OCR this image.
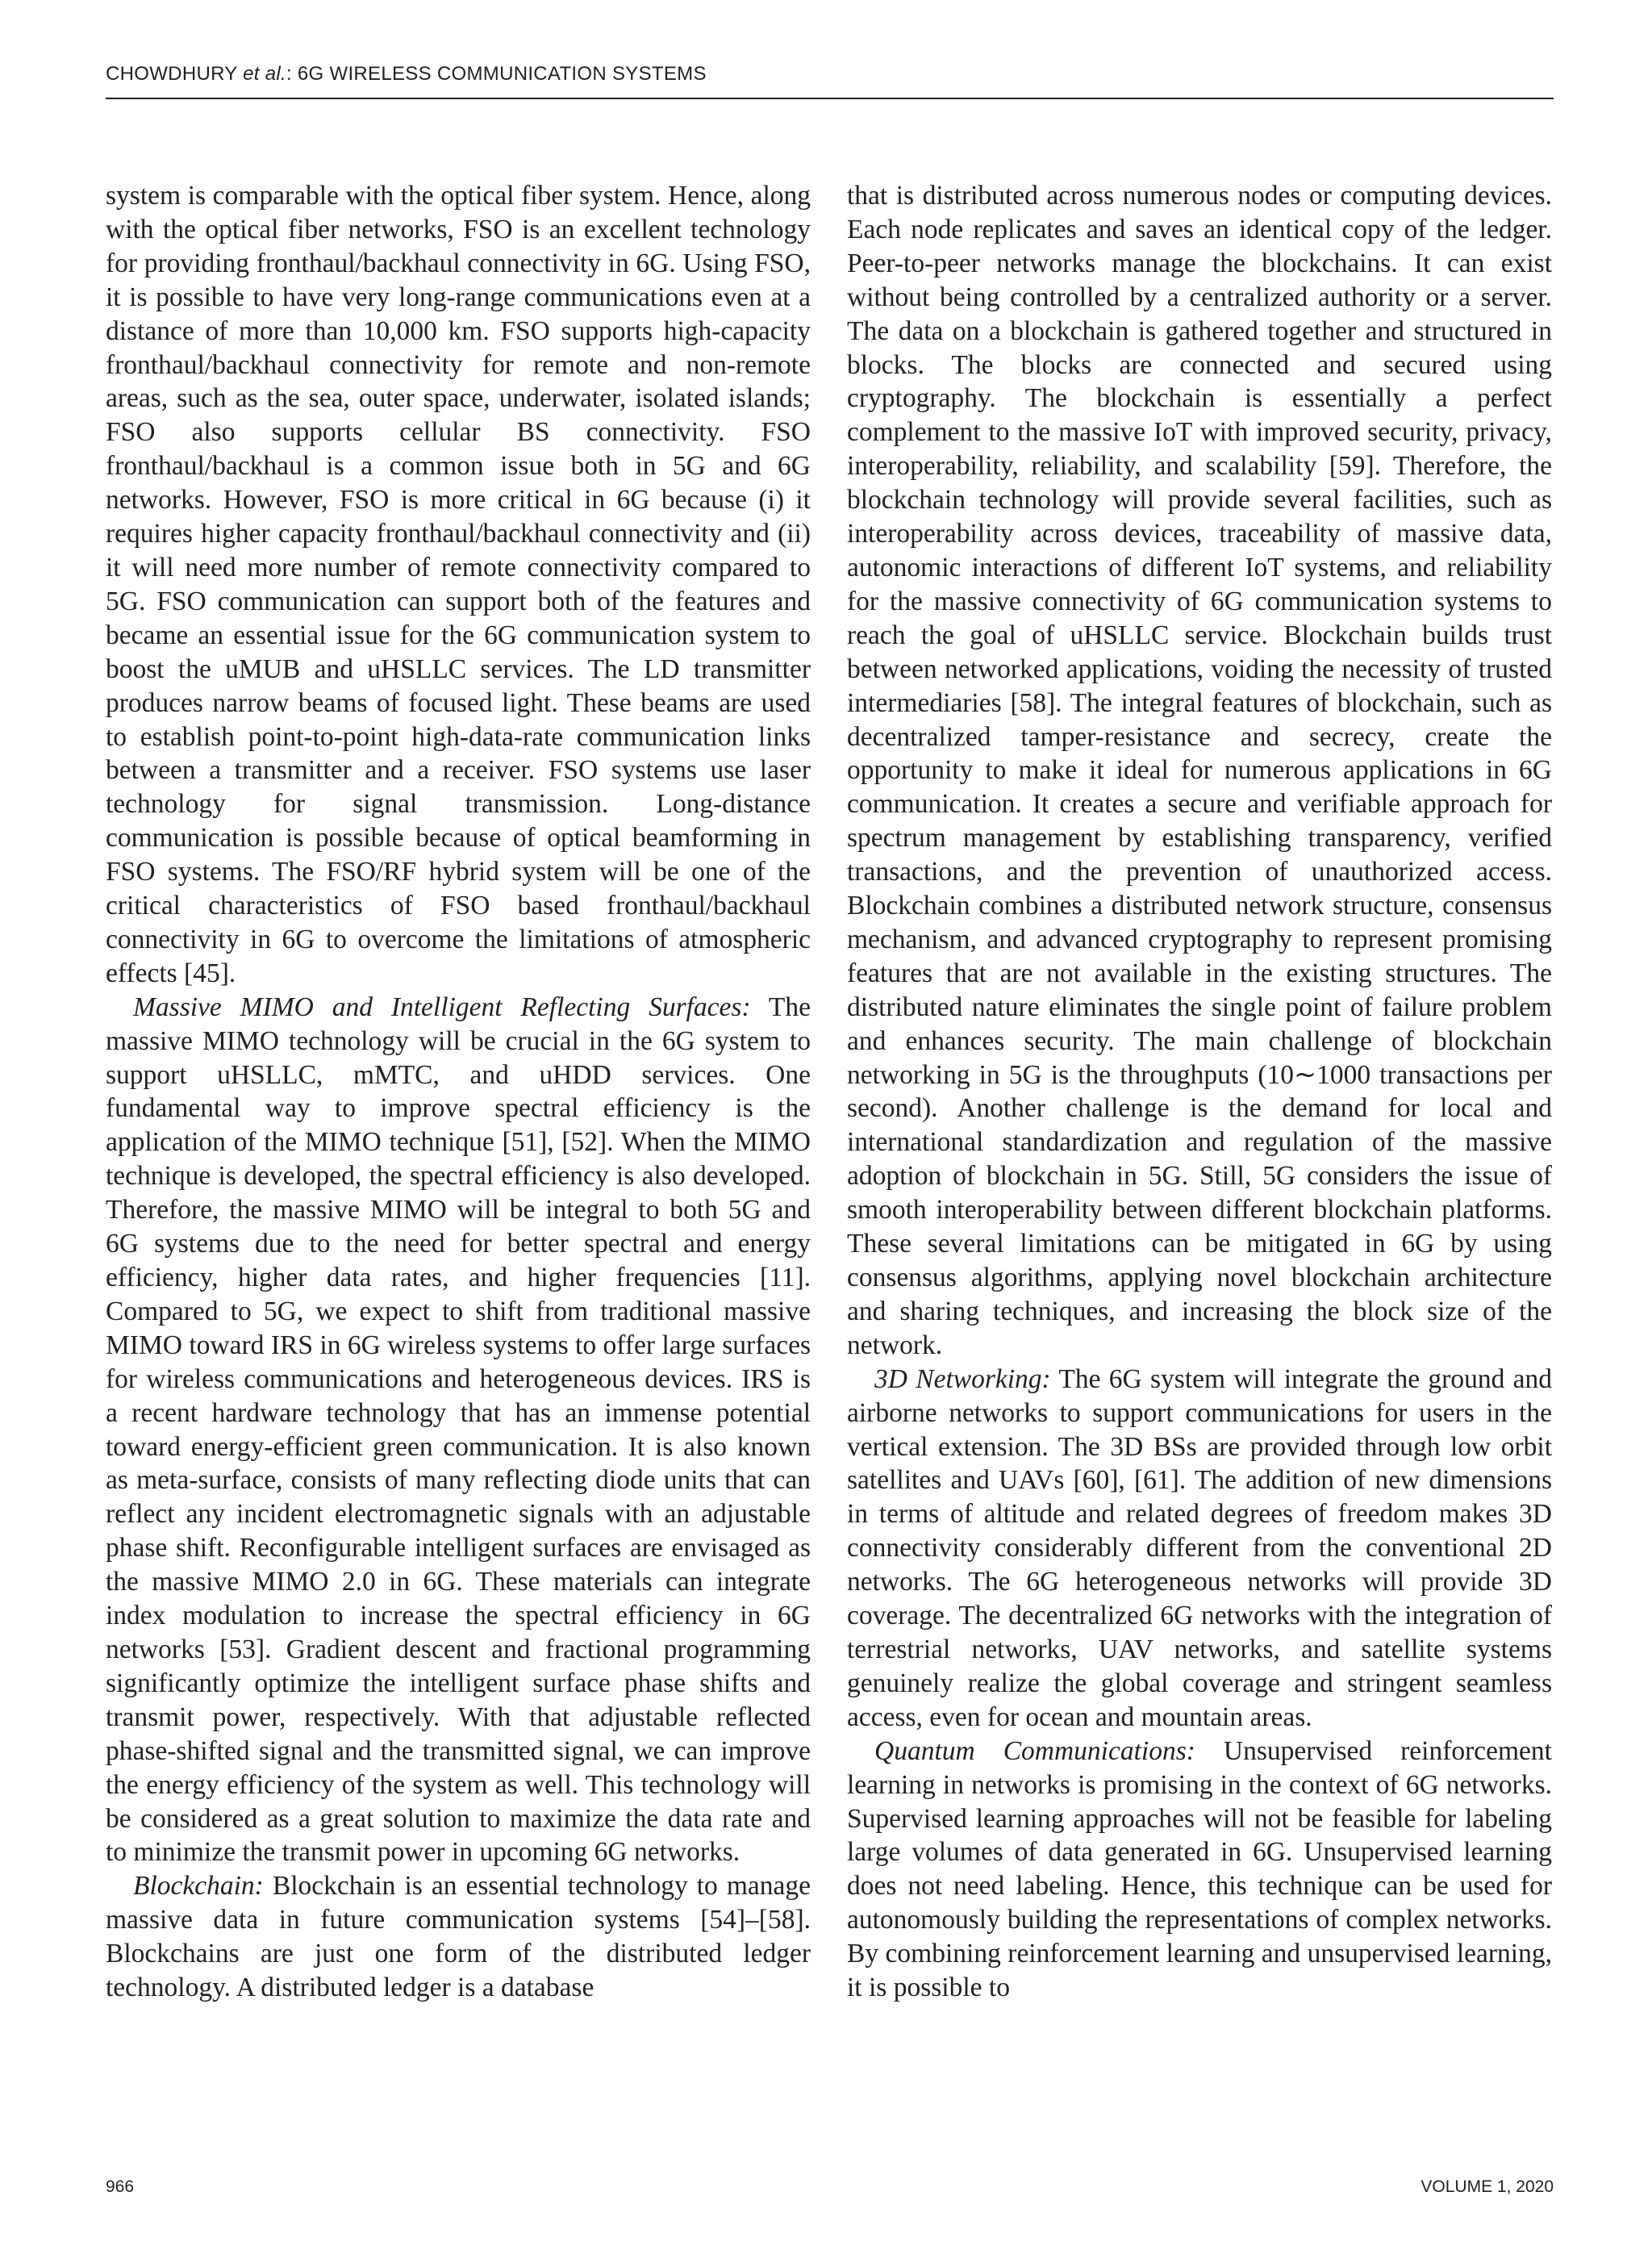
CHOWDHURY et al.: 6G WIRELESS COMMUNICATION SYSTEMS

system is comparable with the optical fiber system. Hence, along with the optical fiber networks, FSO is an excellent technology for providing fronthaul/backhaul connectivity in 6G. Using FSO, it is possible to have very long-range communications even at a distance of more than 10,000 km. FSO supports high-capacity fronthaul/backhaul connectivity for remote and non-remote areas, such as the sea, outer space, underwater, isolated islands; FSO also supports cellular BS connectivity. FSO fronthaul/backhaul is a common issue both in 5G and 6G networks. However, FSO is more critical in 6G because (i) it requires higher capacity fronthaul/backhaul connectivity and (ii) it will need more number of remote connectivity compared to 5G. FSO communication can support both of the features and became an essential issue for the 6G communication system to boost the uMUB and uHSLLC services. The LD transmitter produces narrow beams of focused light. These beams are used to establish point-to-point high-data-rate communication links between a transmitter and a receiver. FSO systems use laser technology for signal transmission. Long-distance communication is possible because of optical beamforming in FSO systems. The FSO/RF hybrid system will be one of the critical characteristics of FSO based fronthaul/backhaul connectivity in 6G to overcome the limitations of atmospheric effects [45].

Massive MIMO and Intelligent Reflecting Surfaces: The massive MIMO technology will be crucial in the 6G system to support uHSLLC, mMTC, and uHDD services. One fundamental way to improve spectral efficiency is the application of the MIMO technique [51], [52]. When the MIMO technique is developed, the spectral efficiency is also developed. Therefore, the massive MIMO will be integral to both 5G and 6G systems due to the need for better spectral and energy efficiency, higher data rates, and higher frequencies [11]. Compared to 5G, we expect to shift from traditional massive MIMO toward IRS in 6G wireless systems to offer large surfaces for wireless communications and heterogeneous devices. IRS is a recent hardware technology that has an immense potential toward energy-efficient green communication. It is also known as meta-surface, consists of many reflecting diode units that can reflect any incident electromagnetic signals with an adjustable phase shift. Reconfigurable intelligent surfaces are envisaged as the massive MIMO 2.0 in 6G. These materials can integrate index modulation to increase the spectral efficiency in 6G networks [53]. Gradient descent and fractional programming significantly optimize the intelligent surface phase shifts and transmit power, respectively. With that adjustable reflected phase-shifted signal and the transmitted signal, we can improve the energy efficiency of the system as well. This technology will be considered as a great solution to maximize the data rate and to minimize the transmit power in upcoming 6G networks.

Blockchain: Blockchain is an essential technology to manage massive data in future communication systems [54]–[58]. Blockchains are just one form of the distributed ledger technology. A distributed ledger is a database

that is distributed across numerous nodes or computing devices. Each node replicates and saves an identical copy of the ledger. Peer-to-peer networks manage the blockchains. It can exist without being controlled by a centralized authority or a server. The data on a blockchain is gathered together and structured in blocks. The blocks are connected and secured using cryptography. The blockchain is essentially a perfect complement to the massive IoT with improved security, privacy, interoperability, reliability, and scalability [59]. Therefore, the blockchain technology will provide several facilities, such as interoperability across devices, traceability of massive data, autonomic interactions of different IoT systems, and reliability for the massive connectivity of 6G communication systems to reach the goal of uHSLLC service. Blockchain builds trust between networked applications, voiding the necessity of trusted intermediaries [58]. The integral features of blockchain, such as decentralized tamper-resistance and secrecy, create the opportunity to make it ideal for numerous applications in 6G communication. It creates a secure and verifiable approach for spectrum management by establishing transparency, verified transactions, and the prevention of unauthorized access. Blockchain combines a distributed network structure, consensus mechanism, and advanced cryptography to represent promising features that are not available in the existing structures. The distributed nature eliminates the single point of failure problem and enhances security. The main challenge of blockchain networking in 5G is the throughputs (10∼1000 transactions per second). Another challenge is the demand for local and international standardization and regulation of the massive adoption of blockchain in 5G. Still, 5G considers the issue of smooth interoperability between different blockchain platforms. These several limitations can be mitigated in 6G by using consensus algorithms, applying novel blockchain architecture and sharing techniques, and increasing the block size of the network.

3D Networking: The 6G system will integrate the ground and airborne networks to support communications for users in the vertical extension. The 3D BSs are provided through low orbit satellites and UAVs [60], [61]. The addition of new dimensions in terms of altitude and related degrees of freedom makes 3D connectivity considerably different from the conventional 2D networks. The 6G heterogeneous networks will provide 3D coverage. The decentralized 6G networks with the integration of terrestrial networks, UAV networks, and satellite systems genuinely realize the global coverage and stringent seamless access, even for ocean and mountain areas.

Quantum Communications: Unsupervised reinforcement learning in networks is promising in the context of 6G networks. Supervised learning approaches will not be feasible for labeling large volumes of data generated in 6G. Unsupervised learning does not need labeling. Hence, this technique can be used for autonomously building the representations of complex networks. By combining reinforcement learning and unsupervised learning, it is possible to

966	VOLUME 1, 2020
